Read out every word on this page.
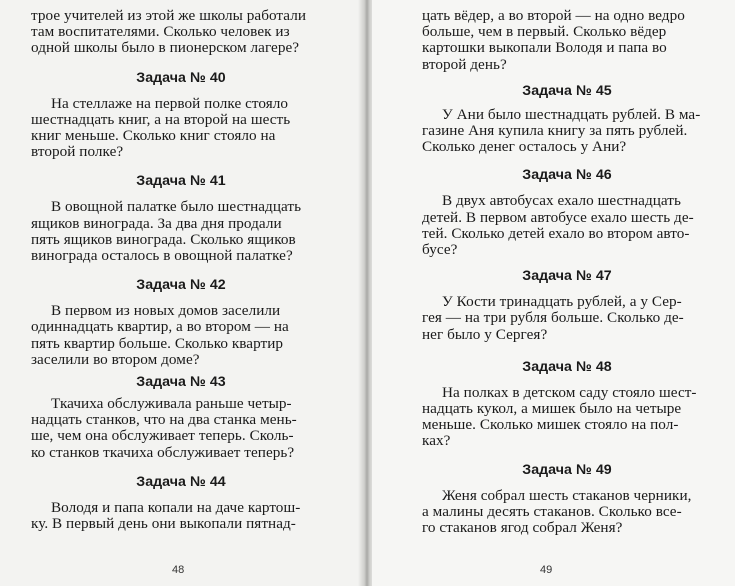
трое учителей из этой же школы работали
там воспитателями. Сколько человек из
одной школы было в пионерском лагере?
Задача № 40
На стеллаже на первой полке стояло
шестнадцать книг, а на второй на шесть
книг меньше. Сколько книг стояло на
второй полке?
Задача № 41
В овощной палатке было шестнадцать
ящиков винограда. За два дня продали
пять ящиков винограда. Сколько ящиков
винограда осталось в овощной палатке?
Задача № 42
В первом из новых домов заселили
одиннадцать квартир, а во втором — на
пять квартир больше. Сколько квартир
заселили во втором доме?
Задача № 43
Ткачиха обслуживала раньше четыр-
надцать станков, что на два станка мень-
ше, чем она обслуживает теперь. Сколь-
ко станков ткачиха обслуживает теперь?
Задача № 44
Володя и папа копали на даче картош-
ку. В первый день они выкопали пятнад-
48
цать вёдер, а во второй — на одно ведро
больше, чем в первый. Сколько вёдер
картошки выкопали Володя и папа во
второй день?
Задача № 45
У Ани было шестнадцать рублей. В ма-
газине Аня купила книгу за пять рублей.
Сколько денег осталось у Ани?
Задача № 46
В двух автобусах ехало шестнадцать
детей. В первом автобусе ехало шесть де-
тей. Сколько детей ехало во втором авто-
бусе?
Задача № 47
У Кости тринадцать рублей, а у Сер-
гея — на три рубля больше. Сколько де-
нег было у Сергея?
Задача № 48
На полках в детском саду стояло шест-
надцать кукол, а мишек было на четыре
меньше. Сколько мишек стояло на пол-
ках?
Задача № 49
Женя собрал шесть стаканов черники,
а малины десять стаканов. Сколько все-
го стаканов ягод собрал Женя?
49
